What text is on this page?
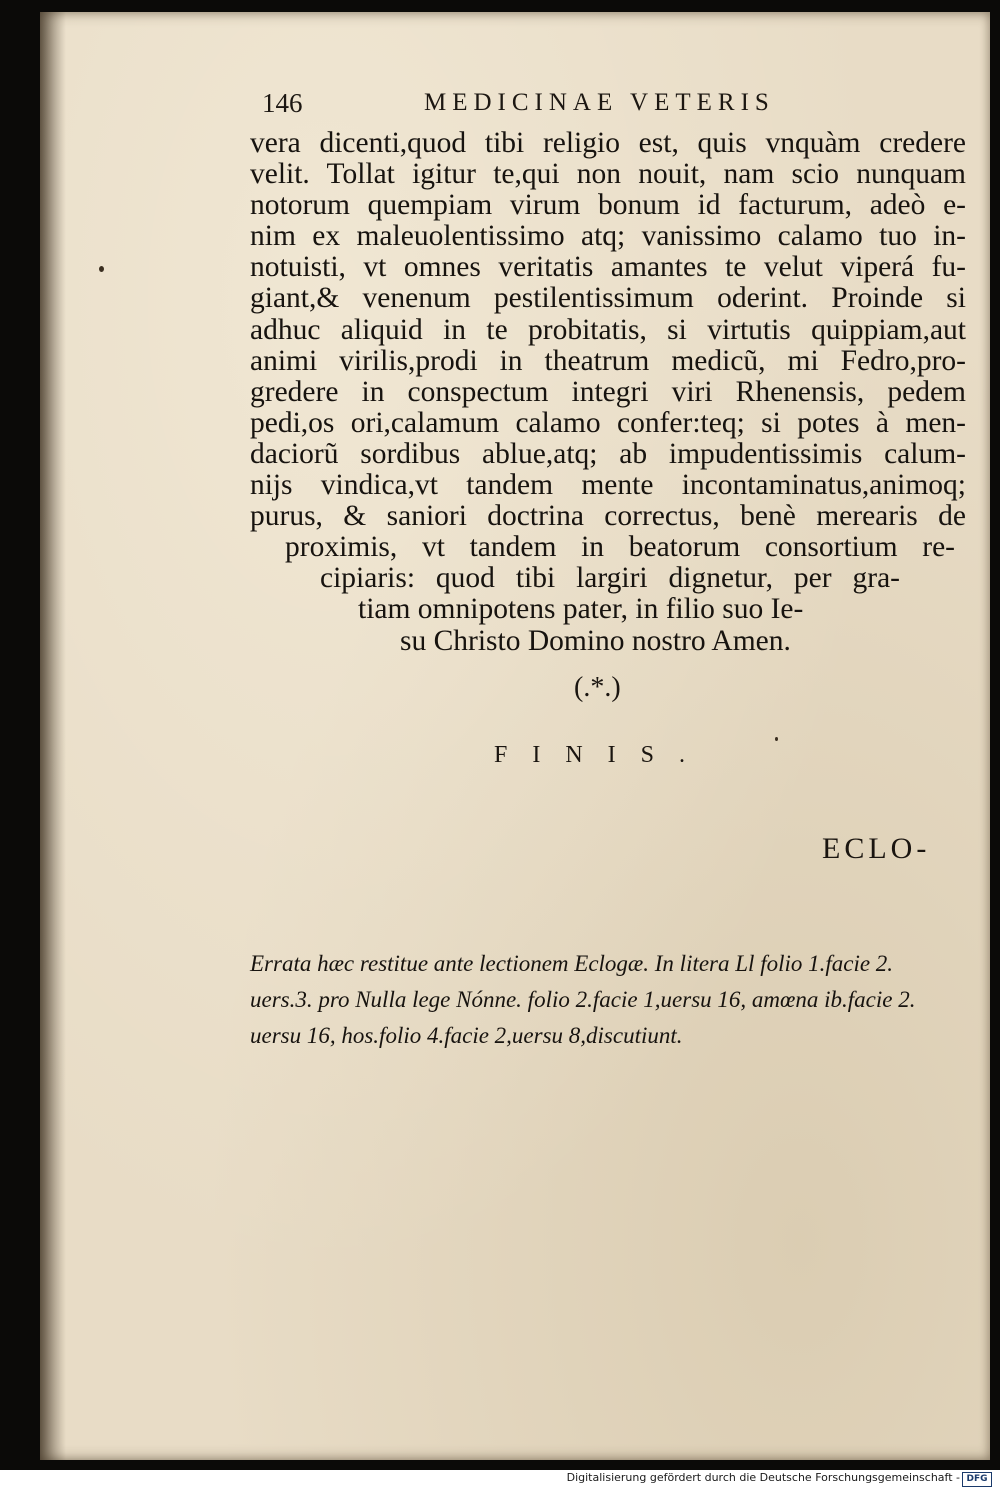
146	MEDICINAE VETERIS
vera dicenti,quod tibi religio est, quis vnquàm credere
velit. Tollat igitur te,qui non nouit, nam scio nunquam
notorum quempiam virum bonum id facturum, adeò e-
nim ex maleuolentissimo atq; vanissimo calamo tuo in-
notuisti, vt omnes veritatis amantes te velut viperá fu-
giant,& venenum pestilentissimum oderint. Proinde si
adhuc aliquid in te probitatis, si virtutis quippiam,aut
animi virilis,prodi in theatrum medicũ, mi Fedro,pro-
gredere in conspectum integri viri Rhenensis, pedem
pedi,os ori,calamum calamo confer:teq; si potes à men-
daciorũ sordibus ablue,atq; ab impudentissimis calum-
nĳs vindica,vt tandem mente incontaminatus,animoq;
purus, & saniori doctrina correctus, benè merearis de
proximis, vt tandem in beatorum consortium re-
cipiaris: quod tibi largiri dignetur, per gra-
tiam omnipotens pater, in filio suo Ie-
su Christo Domino nostro Amen.
(.*.)
FINIS.
ECLO-
Errata hæc restitue ante lectionem Eclogæ. In litera Ll folio 1.facie 2.
uers.3. pro Nulla lege Nónne. folio 2.facie 1,uersu 16, amœna ib.facie 2.
uersu 16, hos.folio 4.facie 2,uersu 8,discutiunt.
Digitalisierung gefördert durch die Deutsche Forschungsgemeinschaft - DFG
